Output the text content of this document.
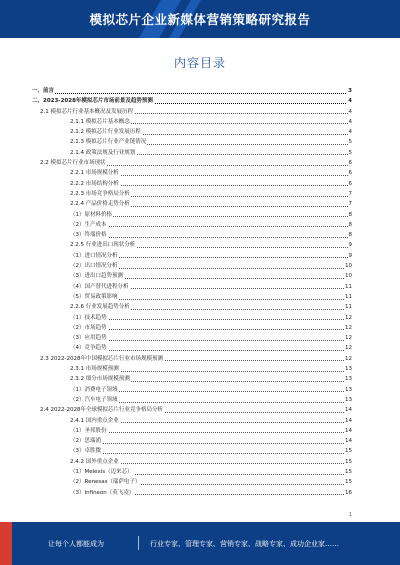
模拟芯片企业新媒体营销策略研究报告
内容目录
一、前言	3
二、2023-2028年模拟芯片市场前景及趋势预测	4
2.1 模拟芯片行业基本概况及发展历程	4
2.1.1 模拟芯片基本概念	4
2.1.2 模拟芯片行业发展历程	4
2.1.3 模拟芯片行业产业链情况	5
2.1.4 政策法规及行业规划	5
2.2 模拟芯片行业市场现状	6
2.2.1 市场规模分析	6
2.2.2 市场结构分析	6
2.2.3 市场竞争格局分析	7
2.2.4 产品价格走势分析	7
（1）原材料价格	8
（2）生产成本	8
（3）终端价格	8
2.2.5 行业进出口现状分析	9
（1）进口情况分析	9
（2）出口情况分析	10
（3）进出口趋势预测	10
（4）国产替代进程分析	11
（5）贸易政策影响	11
2.2.6 行业发展趋势分析	11
（1）技术趋势	12
（2）市场趋势	12
（3）应用趋势	12
（4）竞争趋势	12
2.3 2022-2028年中国模拟芯片行业市场规模预测	12
2.3.1 市场规模预测	13
2.3.2 细分市场规模预测	13
（1）消费电子领域	13
（2）汽车电子领域	13
2.4 2022-2028年全球模拟芯片行业竞争格局分析	14
2.4.1 国内重点企业	14
（1）圣邦股份	14
（2）思瑞浦	14
（3）卓胜微	15
2.4.2 国外重点企业	15
（1）Melexis（迈来芯）	15
（2）Renesas（瑞萨电子）	15
（3）Infineon（英飞凌）	16
1
让每个人都能成为	行业专家、管理专家、营销专家、战略专家、成功企业家……
